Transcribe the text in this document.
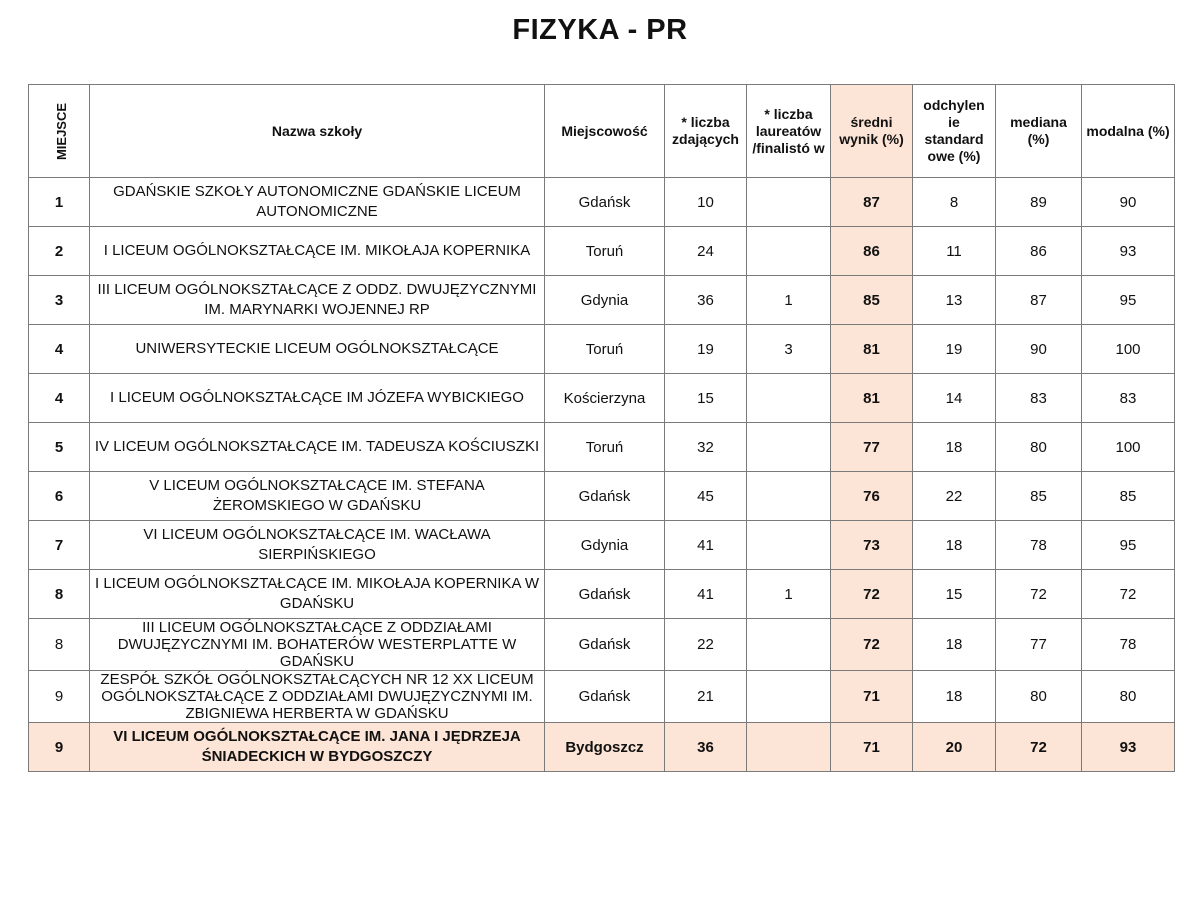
FIZYKA - PR
MIEJSCE	Nazwa szkoły	Miejscowość	* liczba zdających	* liczba laureatów /finalistó w	średni wynik (%)	odchylen ie standard owe (%)	mediana (%)	modalna (%)
1	GDAŃSKIE SZKOŁY AUTONOMICZNE GDAŃSKIE LICEUM AUTONOMICZNE	Gdańsk	10		87	8	89	90
2	I LICEUM OGÓLNOKSZTAŁCĄCE IM. MIKOŁAJA KOPERNIKA	Toruń	24		86	11	86	93
3	III LICEUM OGÓLNOKSZTAŁCĄCE Z ODDZ. DWUJĘZYCZNYMI IM. MARYNARKI WOJENNEJ RP	Gdynia	36	1	85	13	87	95
4	UNIWERSYTECKIE LICEUM OGÓLNOKSZTAŁCĄCE	Toruń	19	3	81	19	90	100
4	I LICEUM OGÓLNOKSZTAŁCĄCE IM JÓZEFA WYBICKIEGO	Kościerzyna	15		81	14	83	83
5	IV LICEUM OGÓLNOKSZTAŁCĄCE IM. TADEUSZA KOŚCIUSZKI	Toruń	32		77	18	80	100
6	V LICEUM OGÓLNOKSZTAŁCĄCE IM. STEFANA ŻEROMSKIEGO W GDAŃSKU	Gdańsk	45		76	22	85	85
7	VI LICEUM OGÓLNOKSZTAŁCĄCE IM. WACŁAWA SIERPIŃSKIEGO	Gdynia	41		73	18	78	95
8	I LICEUM OGÓLNOKSZTAŁCĄCE IM. MIKOŁAJA KOPERNIKA W GDAŃSKU	Gdańsk	41	1	72	15	72	72
8	III LICEUM OGÓLNOKSZTAŁCĄCE Z ODDZIAŁAMI DWUJĘZYCZNYMI IM. BOHATERÓW WESTERPLATTE W GDAŃSKU	Gdańsk	22		72	18	77	78
9	ZESPÓŁ SZKÓŁ OGÓLNOKSZTAŁCĄCYCH NR 12 XX LICEUM OGÓLNOKSZTAŁCĄCE Z ODDZIAŁAMI DWUJĘZYCZNYMI IM. ZBIGNIEWA HERBERTA W GDAŃSKU	Gdańsk	21		71	18	80	80
9	VI LICEUM OGÓLNOKSZTAŁCĄCE IM. JANA I JĘDRZEJA ŚNIADECKICH W BYDGOSZCZY	Bydgoszcz	36		71	20	72	93
